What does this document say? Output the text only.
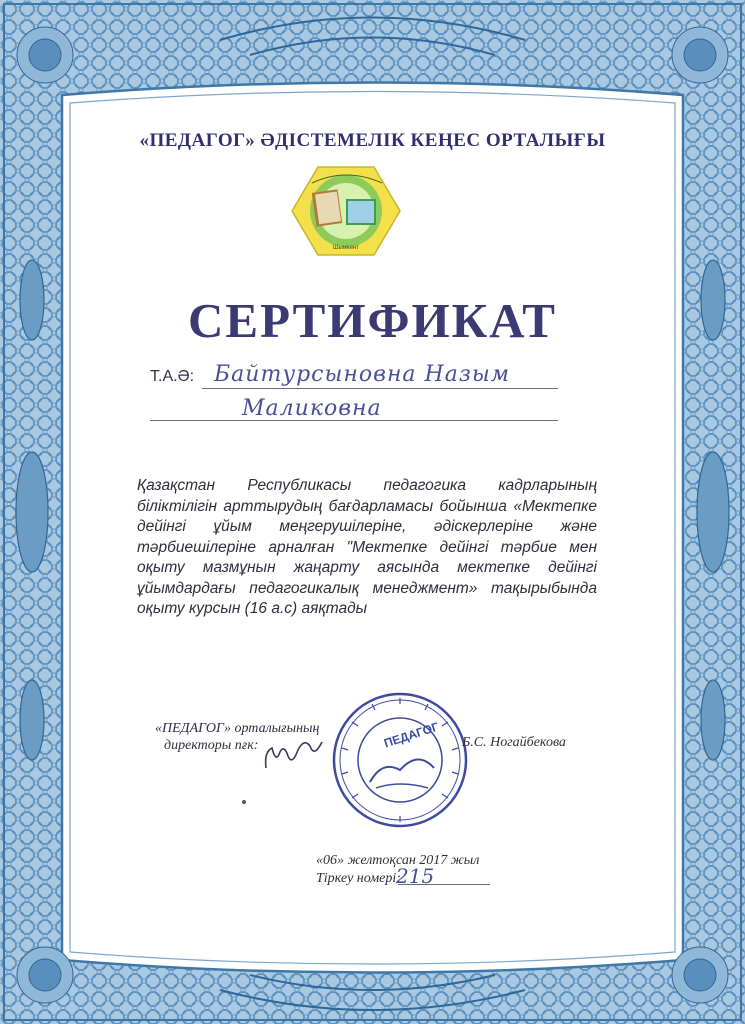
«ПЕДАГОГ» ӘДІСТЕМЕЛІК КЕҢЕС ОРТАЛЫҒЫ
Шымкент
СЕРТИФИКАТ
Т.А.Ә: Байтурсыновна Назым
Маликовна
Қазақстан Республикасы педагогика кадрларының біліктілігін арттырудың бағдарламасы бойынша «Мектепке дейінгі ұйым меңгерушілеріне, әдіскерлеріне және тәрбиешілеріне арналған "Мектепке дейінгі тәрбие мен оқыту мазмұнын жаңарту аясында мектепке дейінгі ұйымдардағы педагогикалық менеджмент» тақырыбында оқыту курсын (16 а.с) аяқтады
«ПЕДАГОГ» орталығының
директоры пғк:	ПЕДАГОГ Б.С. Ногайбекова
«06» желтоқсан 2017 жыл
Тіркеу номері:
215
